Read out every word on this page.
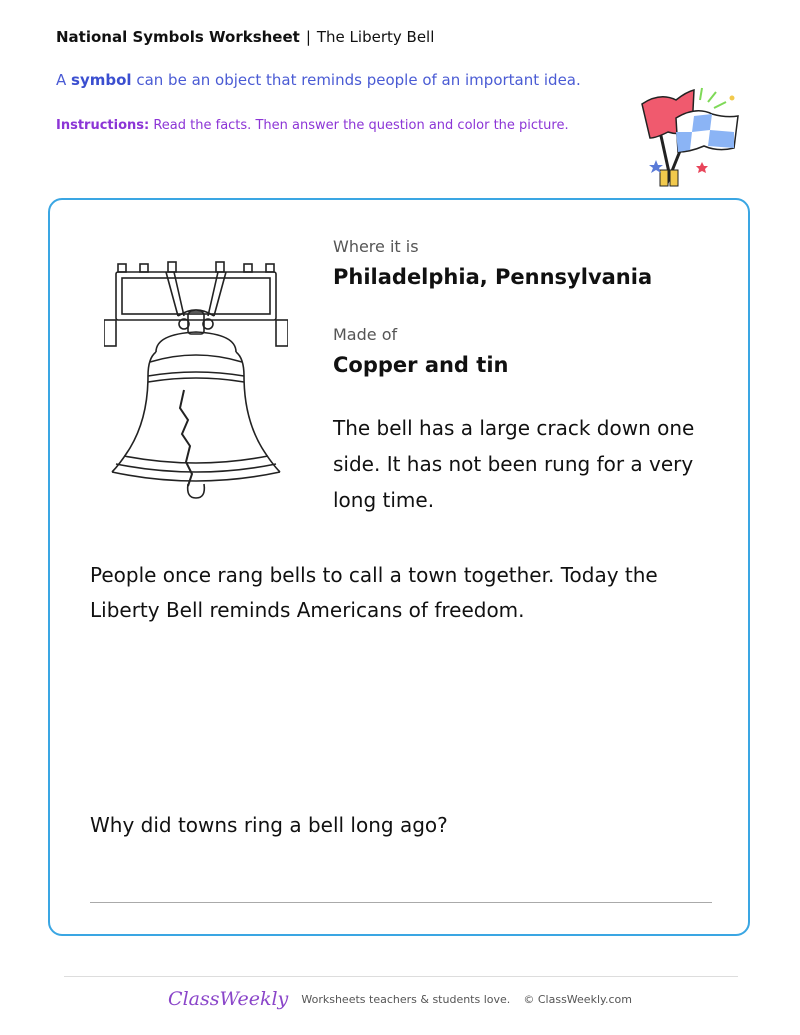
National Symbols Worksheet | The Liberty Bell
A symbol can be an object that reminds people of an important idea.
Instructions: Read the facts. Then answer the question and color the picture.
Where it is
Philadelphia, Pennsylvania
Made of
Copper and tin
The bell has a large crack down one side. It has not been rung for a very long time.
People once rang bells to call a town together. Today the Liberty Bell reminds Americans of freedom.
Why did towns ring a bell long ago?
ClassWeekly Worksheets teachers & students love. © ClassWeekly.com
